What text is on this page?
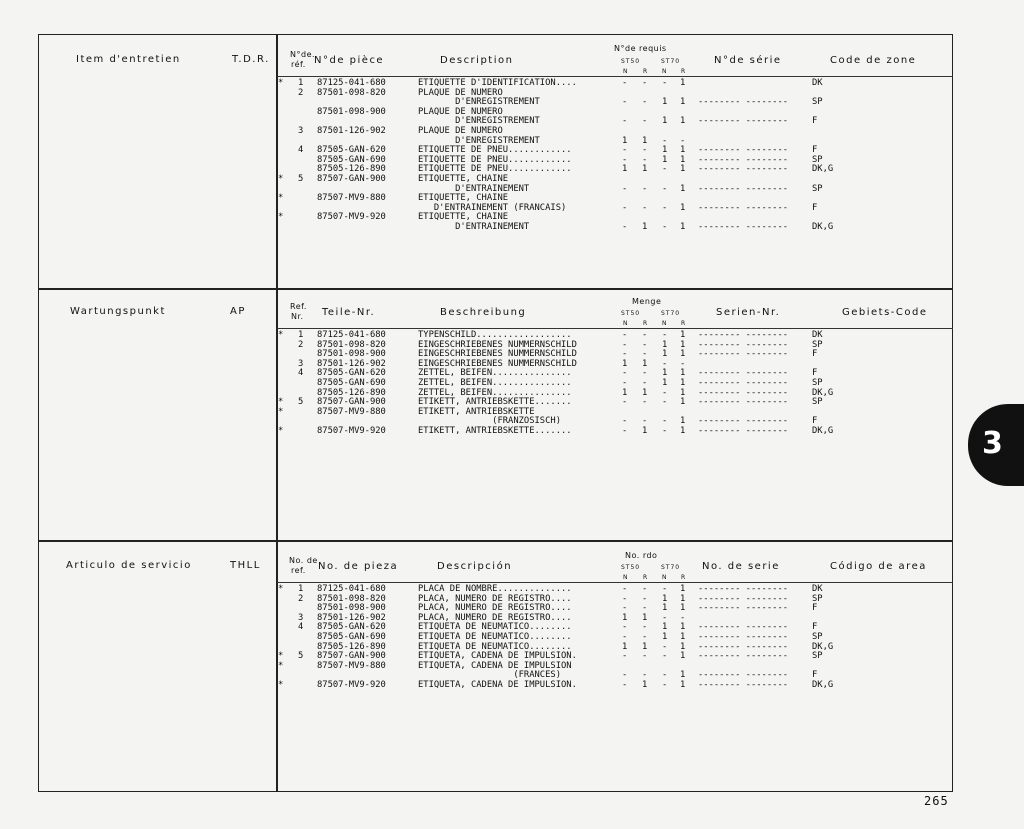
Item d'entretien	T.D.R.	N°de.
réf. N°de pièce	Description
N°de requis
ST50	ST70
N R N R
N°de série	Code de zone
* 1 87125-041-680	ETIQUETTE D'IDENTIFICATION....	- - - 1	DK
2 87501-098-820	PLAQUE DE NUMERO
D'ENREGISTREMENT	- - 1 1 -------- --------	SP
87501-098-900	PLAQUE DE NUMERO
D'ENREGISTREMENT	- - 1 1 -------- --------	F
3 87501-126-902	PLAQUE DE NUMERO
D'ENREGISTREMENT	1 1 - -
4 87505-GAN-620	ETIQUETTE DE PNEU............	- - 1 1 -------- --------	F
87505-GAN-690	ETIQUETTE DE PNEU............	- - 1 1 -------- --------	SP
87505-126-890	ETIQUETTE DE PNEU............	1 1 - 1 -------- --------	DK,G
* 5 87507-GAN-900	ETIQUETTE, CHAINE
D'ENTRAINEMENT	- - - 1 -------- --------	SP
*	87507-MV9-880	ETIQUETTE, CHAINE
D'ENTRAINEMENT (FRANCAIS)	- - - 1 -------- --------	F
*	87507-MV9-920	ETIQUETTE, CHAINE
D'ENTRAINEMENT	- 1 - 1 -------- --------	DK,G
Wartungspunkt	AP	Ref.
Nr. Teile-Nr.	Beschreibung
Menge
ST50	ST70
N R N R
Serien-Nr.	Gebiets-Code
* 1 87125-041-680	TYPENSCHILD..................	- - - 1 -------- --------	DK
2 87501-098-820	EINGESCHRIEBENES NUMMERNSCHILD	- - 1 1 -------- --------	SP
87501-098-900	EINGESCHRIEBENES NUMMERNSCHILD	- - 1 1 -------- --------	F
3 87501-126-902	EINGESCHRIEBENES NUMMERNSCHILD	1 1 - -
4 87505-GAN-620	ZETTEL, BEIFEN...............	- - 1 1 -------- --------	F
87505-GAN-690	ZETTEL, BEIFEN...............	- - 1 1 -------- --------	SP
87505-126-890	ZETTEL, BEIFEN...............	1 1 - 1 -------- --------	DK,G
* 5 87507-GAN-900	ETIKETT, ANTRIEBSKETTE.......	- - - 1 -------- --------	SP
*	87507-MV9-880	ETIKETT, ANTRIEBSKETTE
(FRANZOSISCH)	- - - 1 -------- --------	F
*	87507-MV9-920	ETIKETT, ANTRIEBSKETTE.......	- 1 - 1 -------- --------	DK,G
Articulo de servicio	THLL	No. de
ref. No. de pieza	Descripción
No. rdo
ST50	ST70
N R N R
No. de serie	Código de area
* 1 87125-041-680	PLACA DE NOMBRE..............	- - - 1 -------- --------	DK
2 87501-098-820	PLACA, NUMERO DE REGISTRO....	- - 1 1 -------- --------	SP
87501-098-900	PLACA, NUMERO DE REGISTRO....	- - 1 1 -------- --------	F
3 87501-126-902	PLACA, NUMERO DE REGISTRO....	1 1 - -
4 87505-GAN-620	ETIQUETA DE NEUMATICO........	- - 1 1 -------- --------	F
87505-GAN-690	ETIQUETA DE NEUMATICO........	- - 1 1 -------- --------	SP
87505-126-890	ETIQUETA DE NEUMATICO........	1 1 - 1 -------- --------	DK,G
* 5 87507-GAN-900	ETIQUETA, CADENA DE IMPULSION.	- - - 1 -------- --------	SP
*	87507-MV9-880	ETIQUETA, CADENA DE IMPULSION
(FRANCES)	- - - 1 -------- --------	F
*	87507-MV9-920	ETIQUETA, CADENA DE IMPULSION.	- 1 - 1 -------- --------	DK,G
3
265
